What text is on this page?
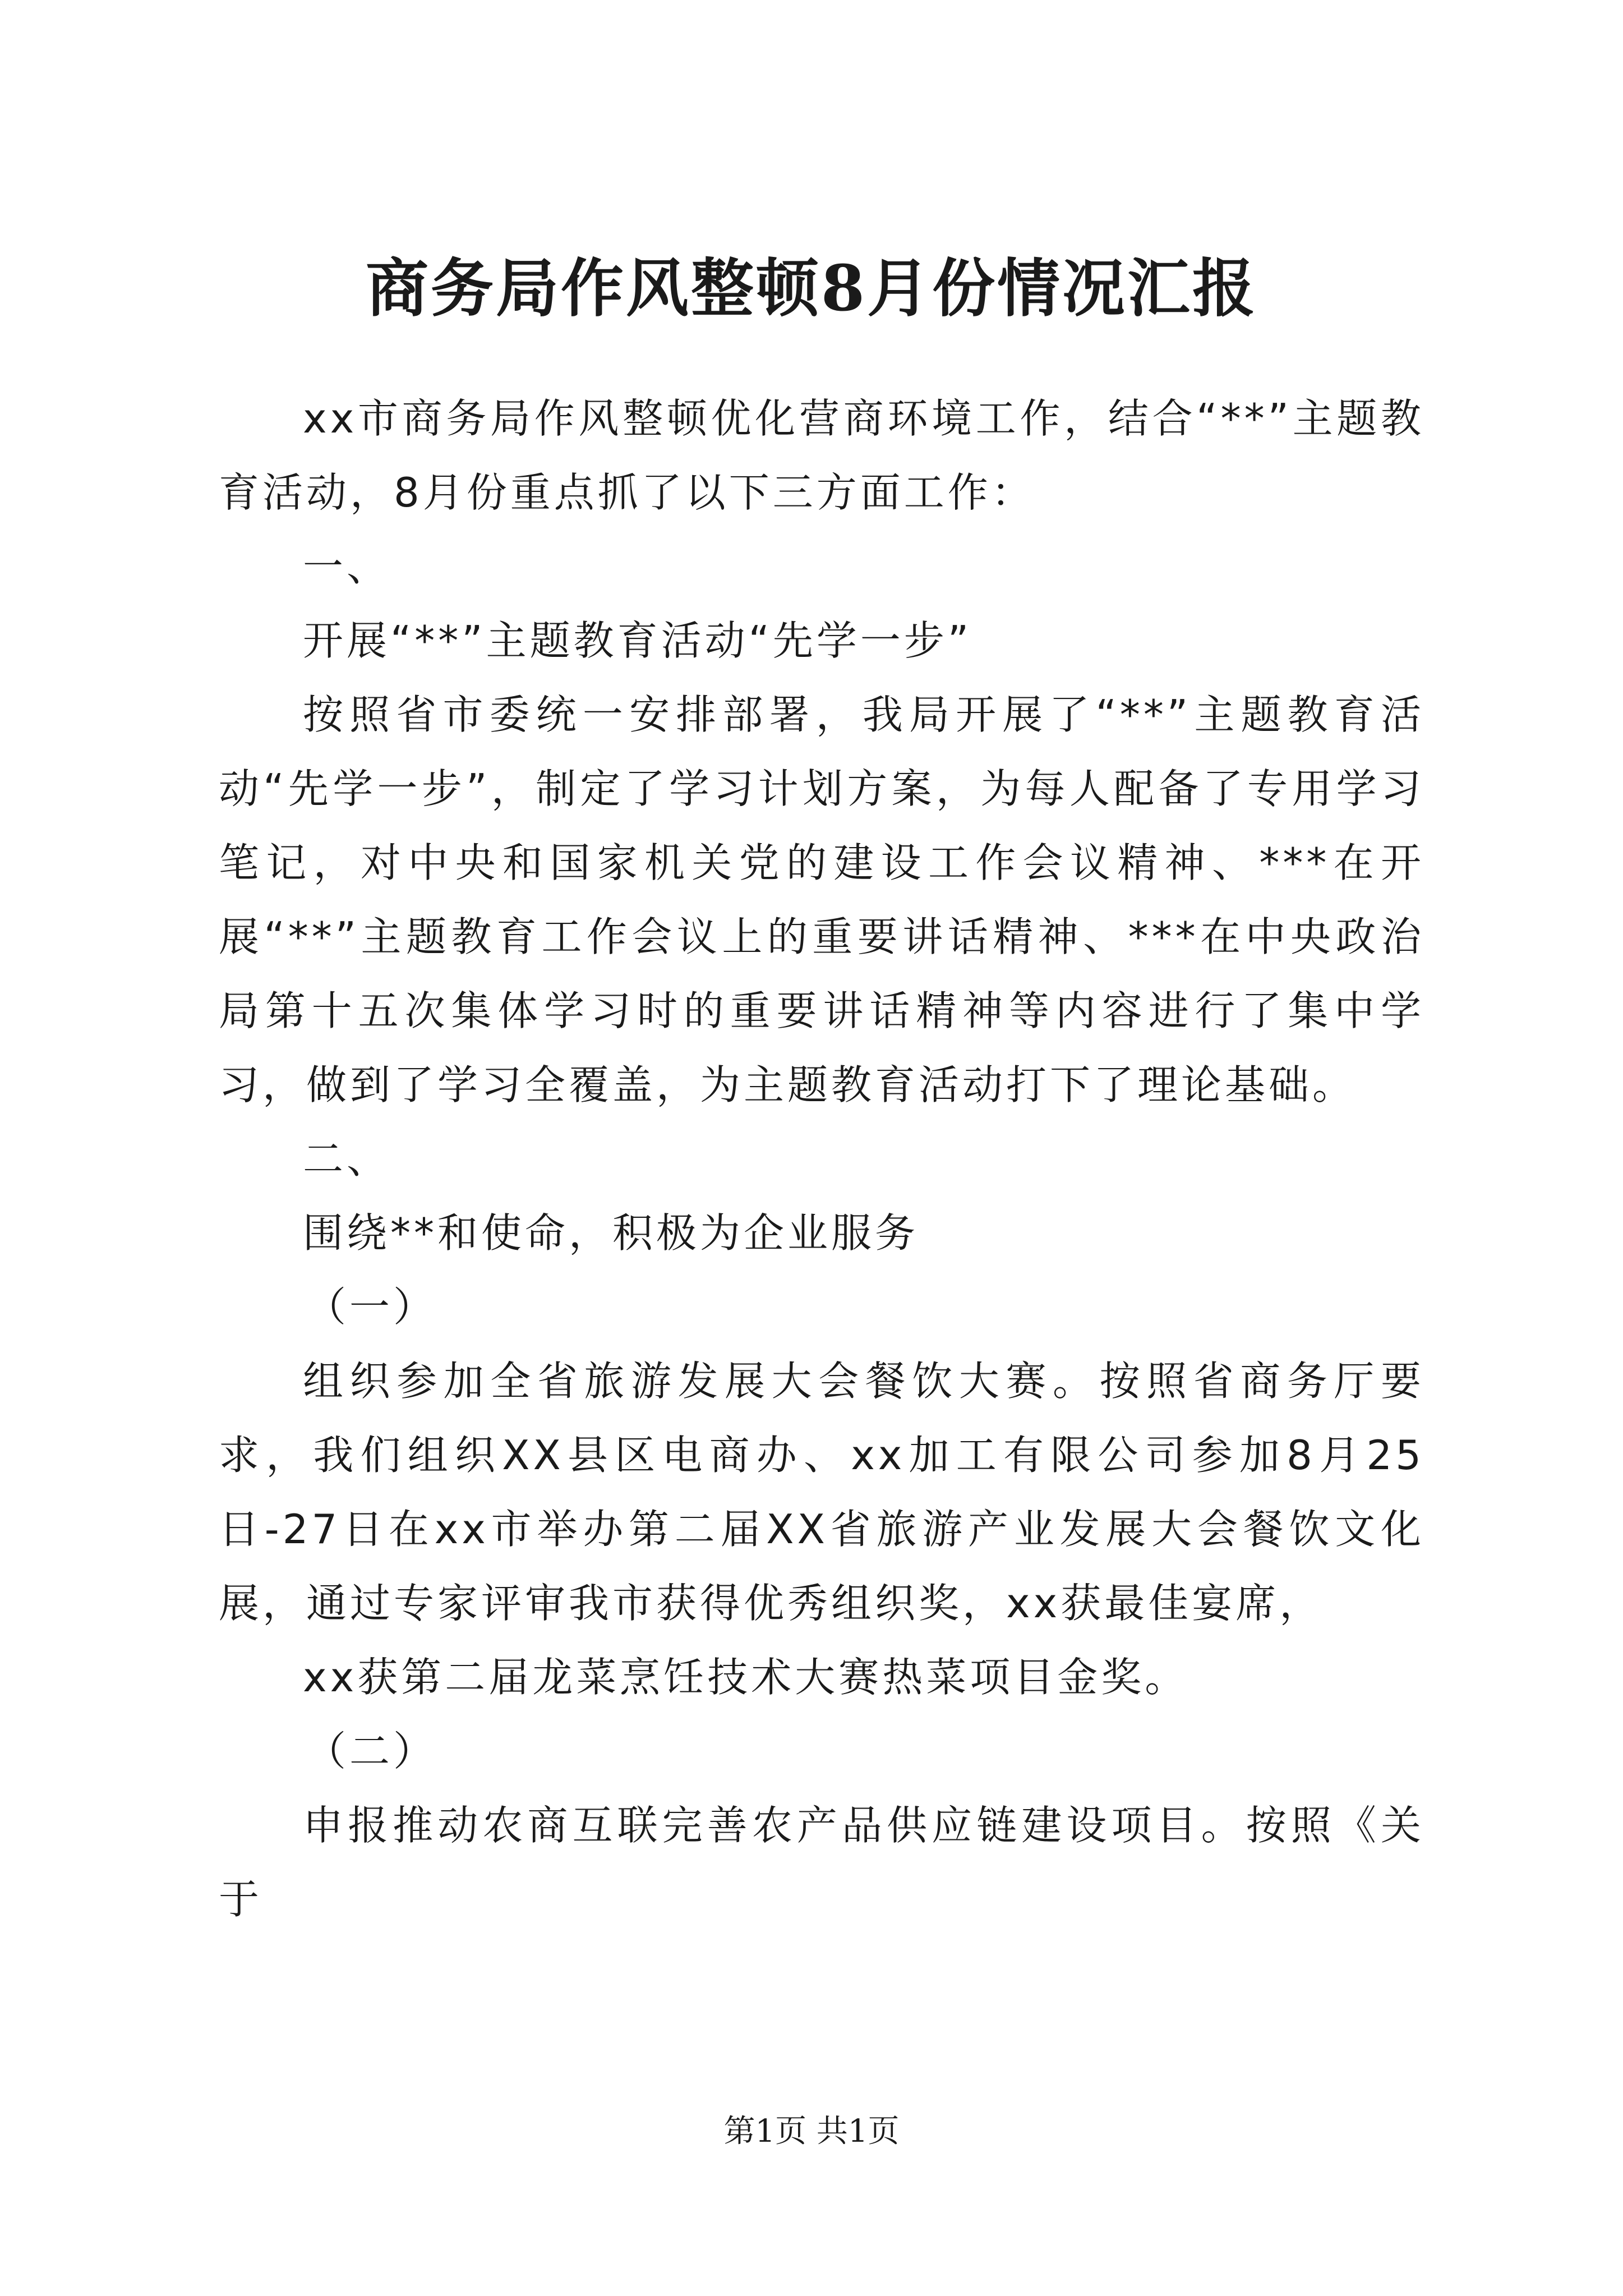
商务局作风整顿8月份情况汇报

xx市商务局作风整顿优化营商环境工作，结合“**”主题教育活动，8月份重点抓了以下三方面工作：

一、

开展“**”主题教育活动“先学一步”

按照省市委统一安排部署，我局开展了“**”主题教育活动“先学一步”，制定了学习计划方案，为每人配备了专用学习笔记，对中央和国家机关党的建设工作会议精神、***在开展“**”主题教育工作会议上的重要讲话精神、***在中央政治局第十五次集体学习时的重要讲话精神等内容进行了集中学习，做到了学习全覆盖，为主题教育活动打下了理论基础。

二、

围绕**和使命，积极为企业服务

（一）

组织参加全省旅游发展大会餐饮大赛。按照省商务厅要求，我们组织XX县区电商办、xx加工有限公司参加8月25日-27日在xx市举办第二届XX省旅游产业发展大会餐饮文化展，通过专家评审我市获得优秀组织奖，xx获最佳宴席，

xx获第二届龙菜烹饪技术大赛热菜项目金奖。

（二）

申报推动农商互联完善农产品供应链建设项目。按照《关于

第1页 共1页
